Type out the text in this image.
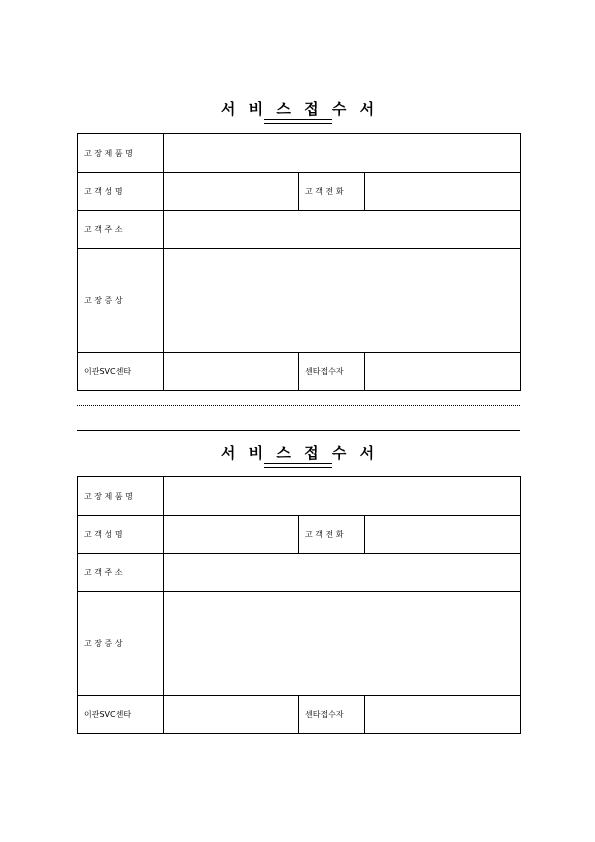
서 비 스 접 수 서
고 장 제 품 명			
고 객 성 명		고 객 전 화	
고 객 주 소			
고 장 증 상			
이관SVC센타		센타접수자	
서 비 스 접 수 서
고 장 제 품 명			
고 객 성 명		고 객 전 화	
고 객 주 소			
고 장 증 상			
이관SVC센타		센타접수자	
